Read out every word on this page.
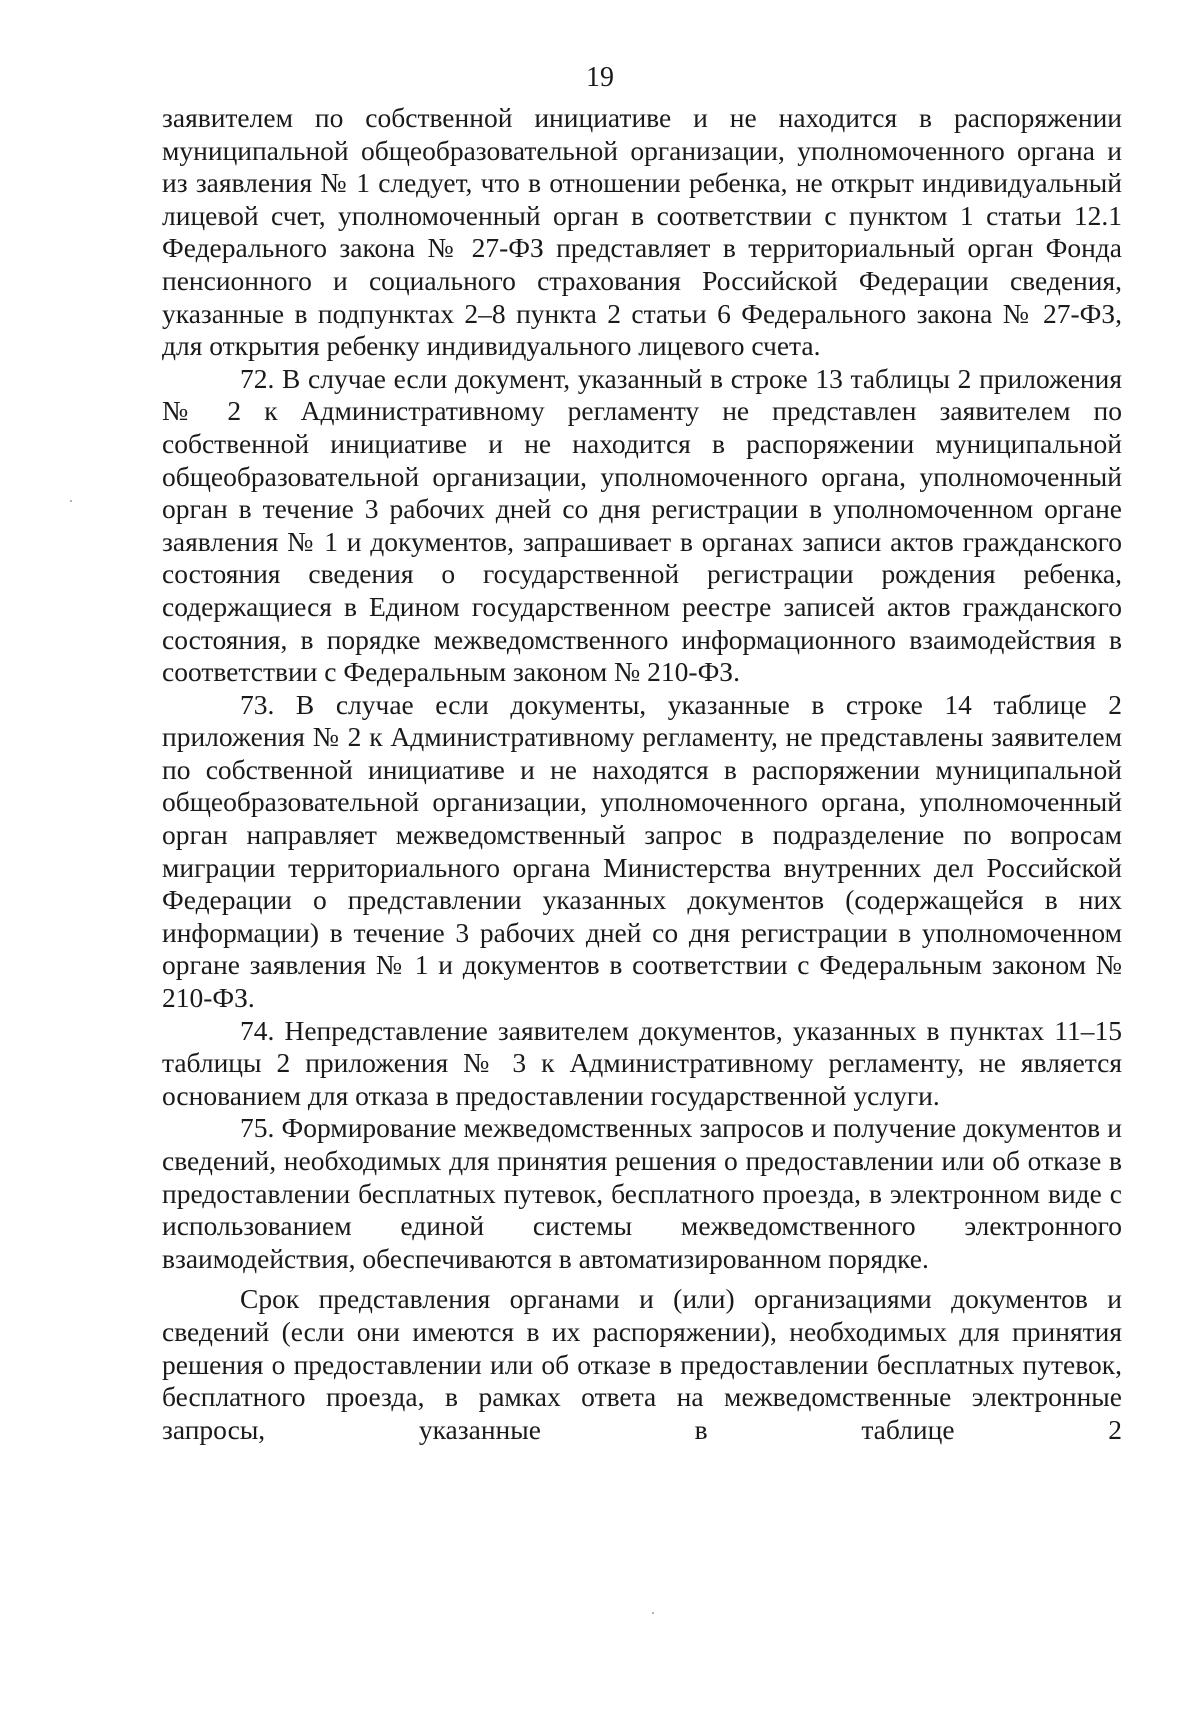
19

заявителем по собственной инициативе и не находится в распоряжении муниципальной общеобразовательной организации, уполномоченного органа и из заявления № 1 следует, что в отношении ребенка, не открыт индивидуальный лицевой счет, уполномоченный орган в соответствии с пунктом 1 статьи 12.1 Федерального закона № 27-ФЗ представляет в территориальный орган Фонда пенсионного и социального страхования Российской Федерации сведения, указанные в подпунктах 2–8 пункта 2 статьи 6 Федерального закона № 27-ФЗ, для открытия ребенку индивидуального лицевого счета.

72. В случае если документ, указанный в строке 13 таблицы 2 приложения № 2 к Административному регламенту не представлен заявителем по собственной инициативе и не находится в распоряжении муниципальной общеобразовательной организации, уполномоченного органа, уполномоченный орган в течение 3 рабочих дней со дня регистрации в уполномоченном органе заявления № 1 и документов, запрашивает в органах записи актов гражданского состояния сведения о государственной регистрации рождения ребенка, содержащиеся в Едином государственном реестре записей актов гражданского состояния, в порядке межведомственного информационного взаимодействия в соответствии с Федеральным законом № 210-ФЗ.

73. В случае если документы, указанные в строке 14 таблице 2 приложения № 2 к Административному регламенту, не представлены заявителем по собственной инициативе и не находятся в распоряжении муниципальной общеобразовательной организации, уполномоченного органа, уполномоченный орган направляет межведомственный запрос в подразделение по вопросам миграции территориального органа Министерства внутренних дел Российской Федерации о представлении указанных документов (содержащейся в них информации) в течение 3 рабочих дней со дня регистрации в уполномоченном органе заявления № 1 и документов в соответствии с Федеральным законом № 210-ФЗ.

74. Непредставление заявителем документов, указанных в пунктах 11–15 таблицы 2 приложения № 3 к Административному регламенту, не является основанием для отказа в предоставлении государственной услуги.

75. Формирование межведомственных запросов и получение документов и сведений, необходимых для принятия решения о предоставлении или об отказе в предоставлении бесплатных путевок, бесплатного проезда, в электронном виде с использованием единой системы межведомственного электронного взаимодействия, обеспечиваются в автоматизированном порядке.

Срок представления органами и (или) организациями документов и сведений (если они имеются в их распоряжении), необходимых для принятия решения о предоставлении или об отказе в предоставлении бесплатных путевок, бесплатного проезда, в рамках ответа на межведомственные электронные запросы, указанные в таблице 2
